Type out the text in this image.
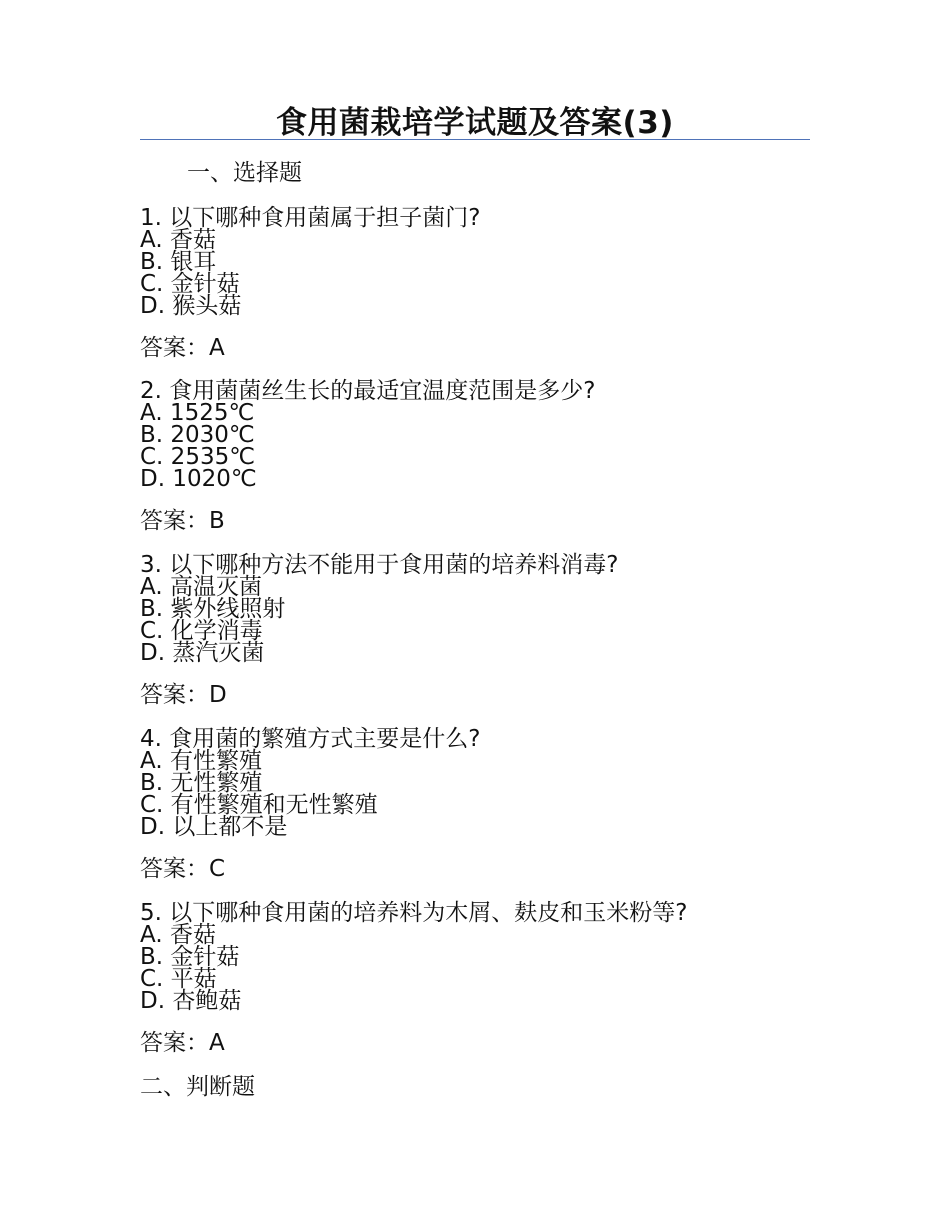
食用菌栽培学试题及答案(3)
一、选择题
1. 以下哪种食用菌属于担子菌门?
A. 香菇
B. 银耳
C. 金针菇
D. 猴头菇
答案：A
2. 食用菌菌丝生长的最适宜温度范围是多少?
A. 1525℃
B. 2030℃
C. 2535℃
D. 1020℃
答案：B
3. 以下哪种方法不能用于食用菌的培养料消毒?
A. 高温灭菌
B. 紫外线照射
C. 化学消毒
D. 蒸汽灭菌
答案：D
4. 食用菌的繁殖方式主要是什么?
A. 有性繁殖
B. 无性繁殖
C. 有性繁殖和无性繁殖
D. 以上都不是
答案：C
5. 以下哪种食用菌的培养料为木屑、麸皮和玉米粉等?
A. 香菇
B. 金针菇
C. 平菇
D. 杏鲍菇
答案：A
二、判断题
